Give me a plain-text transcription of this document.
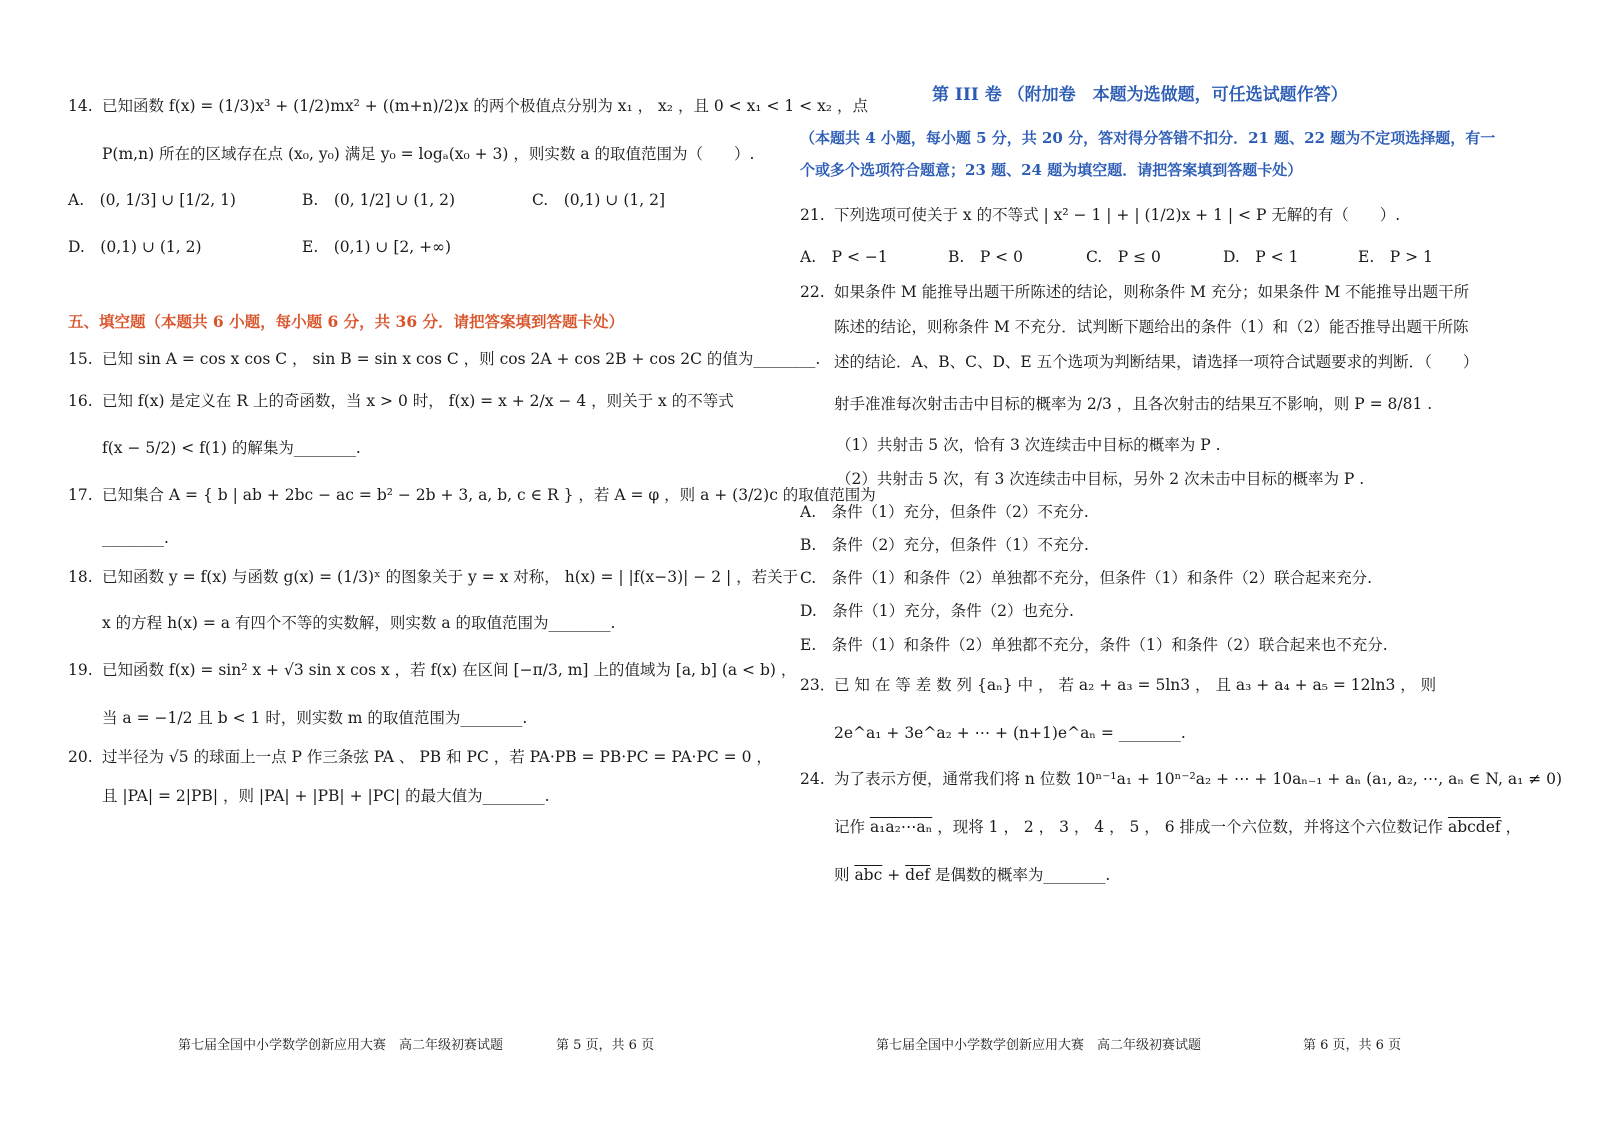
14. 已知函数 f(x) = (1/3)x³ + (1/2)mx² + ((m+n)/2)x 的两个极值点分别为 x₁ ， x₂ ，且 0 < x₁ < 1 < x₂ ，点
P(m,n) 所在的区域存在点 (x₀, y₀) 满足 y₀ = logₐ(x₀ + 3) ，则实数 a 的取值范围为（　　）.
A.　(0, 1/3] ∪ [1/2, 1)	B.　(0, 1/2] ∪ (1, 2)	C.　(0,1) ∪ (1, 2]
D.　(0,1) ∪ (1, 2)	E.　(0,1) ∪ [2, +∞)
五、填空题（本题共 6 小题，每小题 6 分，共 36 分．请把答案填到答题卡处）
15. 已知 sin A = cos x cos C ， sin B = sin x cos C ，则 cos 2A + cos 2B + cos 2C 的值为________.
16. 已知 f(x) 是定义在 R 上的奇函数，当 x > 0 时， f(x) = x + 2/x − 4 ，则关于 x 的不等式
f(x − 5/2) < f(1) 的解集为________.
17. 已知集合 A = { b | ab + 2bc − ac = b² − 2b + 3, a, b, c ∈ R } ，若 A = φ ，则 a + (3/2)c 的取值范围为
________.
18. 已知函数 y = f(x) 与函数 g(x) = (1/3)ˣ 的图象关于 y = x 对称， h(x) = | |f(x−3)| − 2 | ，若关于
x 的方程 h(x) = a 有四个不等的实数解，则实数 a 的取值范围为________.
19. 已知函数 f(x) = sin² x + √3 sin x cos x ，若 f(x) 在区间 [−π/3, m] 上的值域为 [a, b] (a < b) ，
当 a = −1/2 且 b < 1 时，则实数 m 的取值范围为________.
20. 过半径为 √5 的球面上一点 P 作三条弦 PA 、 PB 和 PC ，若 PA·PB = PB·PC = PA·PC = 0 ，
且 |PA| = 2|PB| ，则 |PA| + |PB| + |PC| 的最大值为________.
第七届全国中小学数学创新应用大赛　高二年级初赛试题	第 5 页，共 6 页
第 III 卷 （附加卷　本题为选做题，可任选试题作答）
（本题共 4 小题，每小题 5 分，共 20 分，答对得分答错不扣分．21 题、22 题为不定项选择题，有一
个或多个选项符合题意；23 题、24 题为填空题．请把答案填到答题卡处）
21. 下列选项可使关于 x 的不等式 | x² − 1 | + | (1/2)x + 1 | < P 无解的有（　　）.
A.　P < −1	B.　P < 0	C.　P ≤ 0	D.　P < 1	E.　P > 1
22. 如果条件 M 能推导出题干所陈述的结论，则称条件 M 充分；如果条件 M 不能推导出题干所
陈述的结论，则称条件 M 不充分．试判断下题给出的条件（1）和（2）能否推导出题干所陈
述的结论．A、B、C、D、E 五个选项为判断结果，请选择一项符合试题要求的判断．（　　）
射手准准每次射击击中目标的概率为 2/3 ，且各次射击的结果互不影响，则 P = 8/81 .
（1）共射击 5 次，恰有 3 次连续击中目标的概率为 P .
（2）共射击 5 次，有 3 次连续击中目标，另外 2 次未击中目标的概率为 P .
A.　条件（1）充分，但条件（2）不充分.
B.　条件（2）充分，但条件（1）不充分.
C.　条件（1）和条件（2）单独都不充分，但条件（1）和条件（2）联合起来充分.
D.　条件（1）充分，条件（2）也充分.
E.　条件（1）和条件（2）单独都不充分，条件（1）和条件（2）联合起来也不充分.
23．已 知 在 等 差 数 列 {aₙ} 中 ， 若 a₂ + a₃ = 5ln3 ， 且 a₃ + a₄ + a₅ = 12ln3 ， 则
2e^a₁ + 3e^a₂ + ⋯ + (n+1)e^aₙ = ________.
24. 为了表示方便，通常我们将 n 位数 10ⁿ⁻¹a₁ + 10ⁿ⁻²a₂ + ⋯ + 10aₙ₋₁ + aₙ (a₁, a₂, ⋯, aₙ ∈ N, a₁ ≠ 0)
记作 a₁a₂⋯aₙ ，现将 1 ， 2 ， 3 ， 4 ， 5 ， 6 排成一个六位数，并将这个六位数记作 abcdef ，
则 $\overline{abc} + \overline{def}$ 是偶数的概率为________.
第七届全国中小学数学创新应用大赛　高二年级初赛试题	第 6 页，共 6 页
